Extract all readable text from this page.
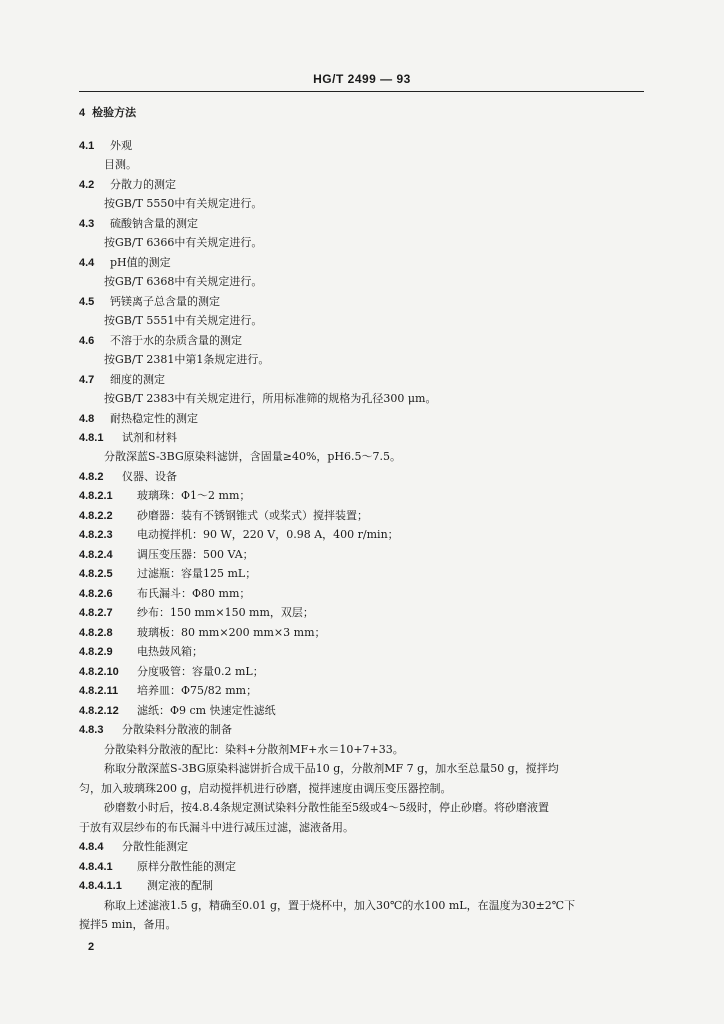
HG/T 2499 — 93
4 检验方法
4.1 外观
目测。
4.2 分散力的测定
按GB/T 5550中有关规定进行。
4.3 硫酸钠含量的测定
按GB/T 6366中有关规定进行。
4.4 pH值的测定
按GB/T 6368中有关规定进行。
4.5 钙镁离子总含量的测定
按GB/T 5551中有关规定进行。
4.6 不溶于水的杂质含量的测定
按GB/T 2381中第1条规定进行。
4.7 细度的测定
按GB/T 2383中有关规定进行，所用标准筛的规格为孔径300 μm。
4.8 耐热稳定性的测定
4.8.1 试剂和材料
分散深蓝S-3BG原染料滤饼，含固量≥40%，pH6.5～7.5。
4.8.2 仪器、设备
4.8.2.1 玻璃珠：Φ1～2 mm；
4.8.2.2 砂磨器：装有不锈钢锥式（或桨式）搅拌装置；
4.8.2.3 电动搅拌机：90 W，220 V，0.98 A，400 r/min；
4.8.2.4 调压变压器：500 VA；
4.8.2.5 过滤瓶：容量125 mL；
4.8.2.6 布氏漏斗：Φ80 mm；
4.8.2.7 纱布：150 mm×150 mm，双层；
4.8.2.8 玻璃板：80 mm×200 mm×3 mm；
4.8.2.9 电热鼓风箱；
4.8.2.10 分度吸管：容量0.2 mL；
4.8.2.11 培养皿：Φ75/82 mm；
4.8.2.12 滤纸：Φ9 cm 快速定性滤纸
4.8.3 分散染料分散液的制备
分散染料分散液的配比：染料+分散剂MF+水＝10+7+33。
称取分散深蓝S-3BG原染料滤饼折合成干品10 g，分散剂MF 7 g，加水至总量50 g，搅拌均
匀，加入玻璃珠200 g，启动搅拌机进行砂磨，搅拌速度由调压变压器控制。
砂磨数小时后，按4.8.4条规定测试染料分散性能至5级或4～5级时，停止砂磨。将砂磨液置
于放有双层纱布的布氏漏斗中进行减压过滤，滤液备用。
4.8.4 分散性能测定
4.8.4.1 原样分散性能的测定
4.8.4.1.1 测定液的配制
称取上述滤液1.5 g，精确至0.01 g，置于烧杯中，加入30℃的水100 mL，在温度为30±2℃下
搅拌5 min，备用。
2
